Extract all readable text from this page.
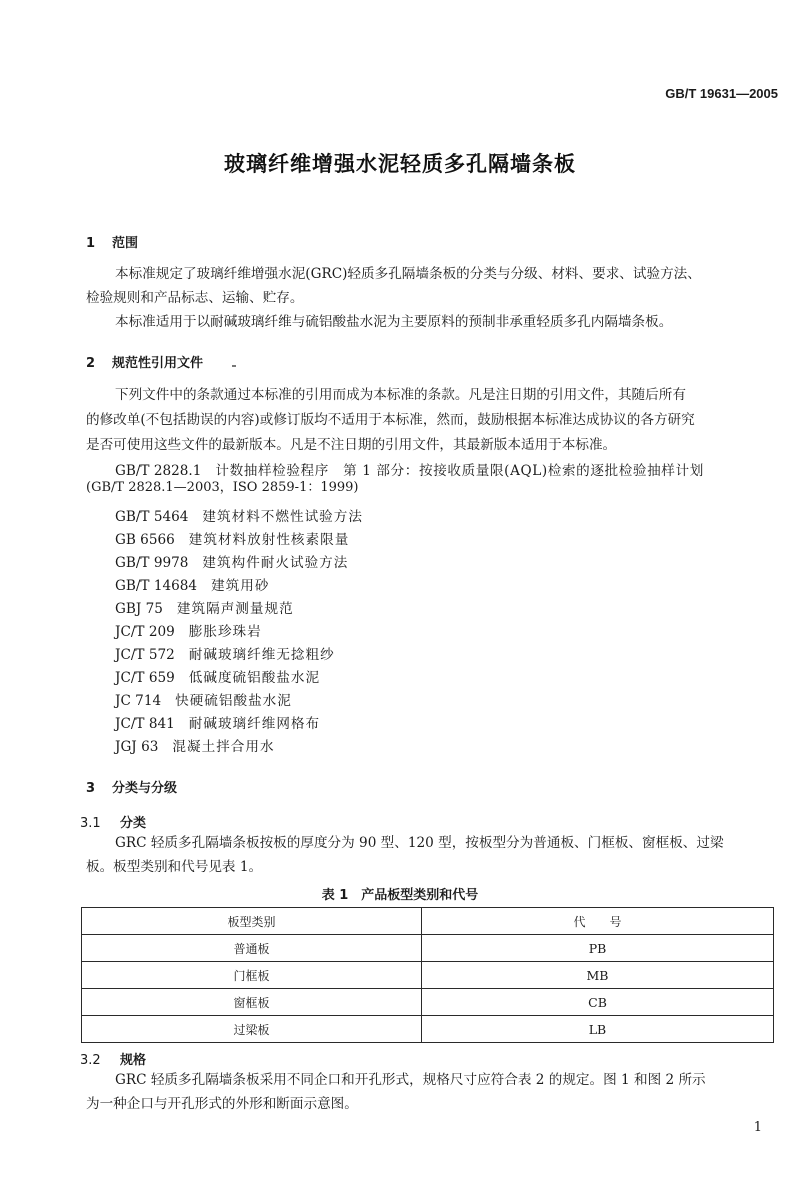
GB/T 19631—2005
玻璃纤维增强水泥轻质多孔隔墙条板
1 范围
本标准规定了玻璃纤维增强水泥(GRC)轻质多孔隔墙条板的分类与分级、材料、要求、试验方法、
检验规则和产品标志、运输、贮存。
本标准适用于以耐碱玻璃纤维与硫铝酸盐水泥为主要原料的预制非承重轻质多孔内隔墙条板。
2 规范性引用文件
下列文件中的条款通过本标准的引用而成为本标准的条款。凡是注日期的引用文件，其随后所有
的修改单(不包括勘误的内容)或修订版均不适用于本标准，然而，鼓励根据本标准达成协议的各方研究
是否可使用这些文件的最新版本。凡是不注日期的引用文件，其最新版本适用于本标准。
GB/T 2828.1 计数抽样检验程序　第 1 部分：按接收质量限(AQL)检索的逐批检验抽样计划
(GB/T 2828.1—2003，ISO 2859-1：1999)
GB/T 5464 建筑材料不燃性试验方法
GB 6566 建筑材料放射性核素限量
GB/T 9978 建筑构件耐火试验方法
GB/T 14684 建筑用砂
GBJ 75 建筑隔声测量规范
JC/T 209 膨胀珍珠岩
JC/T 572 耐碱玻璃纤维无捻粗纱
JC/T 659 低碱度硫铝酸盐水泥
JC 714 快硬硫铝酸盐水泥
JC/T 841 耐碱玻璃纤维网格布
JGJ 63 混凝土拌合用水
3 分类与分级
3.1 分类
GRC 轻质多孔隔墙条板按板的厚度分为 90 型、120 型，按板型分为普通板、门框板、窗框板、过梁
板。板型类别和代号见表 1。
表 1　产品板型类别和代号
板型类别	代　　号
普通板	PB
门框板	MB
窗框板	CB
过梁板	LB
3.2 规格
GRC 轻质多孔隔墙条板采用不同企口和开孔形式，规格尺寸应符合表 2 的规定。图 1 和图 2 所示
为一种企口与开孔形式的外形和断面示意图。
1
